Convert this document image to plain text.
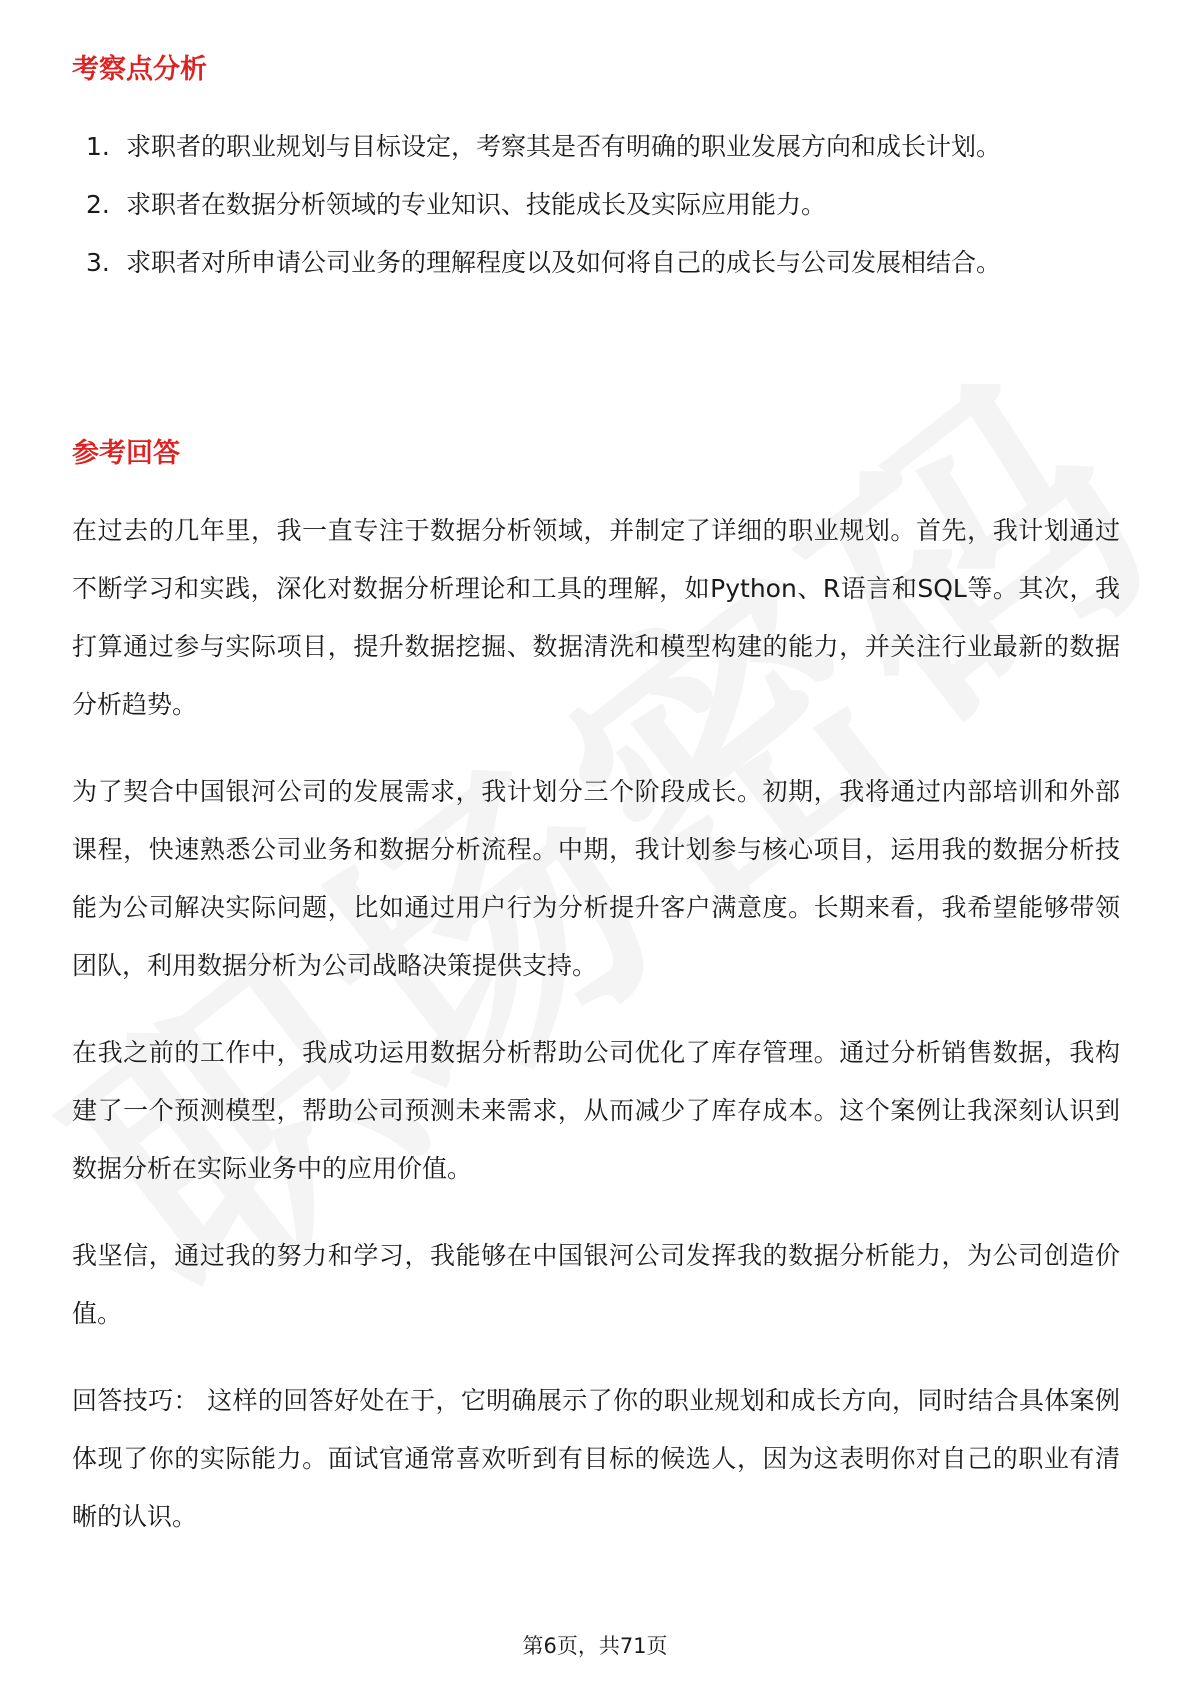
考察点分析
1. 求职者的职业规划与目标设定，考察其是否有明确的职业发展方向和成长计划。
2. 求职者在数据分析领域的专业知识、技能成长及实际应用能力。
3. 求职者对所申请公司业务的理解程度以及如何将自己的成长与公司发展相结合。
参考回答

在过去的几年里，我一直专注于数据分析领域，并制定了详细的职业规划。首先，我计划通过不断学习和实践，深化对数据分析理论和工具的理解，如Python、R语言和SQL等。其次，我打算通过参与实际项目，提升数据挖掘、数据清洗和模型构建的能力，并关注行业最新的数据分析趋势。

为了契合中国银河公司的发展需求，我计划分三个阶段成长。初期，我将通过内部培训和外部课程，快速熟悉公司业务和数据分析流程。中期，我计划参与核心项目，运用我的数据分析技能为公司解决实际问题，比如通过用户行为分析提升客户满意度。长期来看，我希望能够带领团队，利用数据分析为公司战略决策提供支持。

在我之前的工作中，我成功运用数据分析帮助公司优化了库存管理。通过分析销售数据，我构建了一个预测模型，帮助公司预测未来需求，从而减少了库存成本。这个案例让我深刻认识到数据分析在实际业务中的应用价值。

我坚信，通过我的努力和学习，我能够在中国银河公司发挥我的数据分析能力，为公司创造价值。

回答技巧： 这样的回答好处在于，它明确展示了你的职业规划和成长方向，同时结合具体案例体现了你的实际能力。面试官通常喜欢听到有目标的候选人，因为这表明你对自己的职业有清晰的认识。

第6页，共71页
